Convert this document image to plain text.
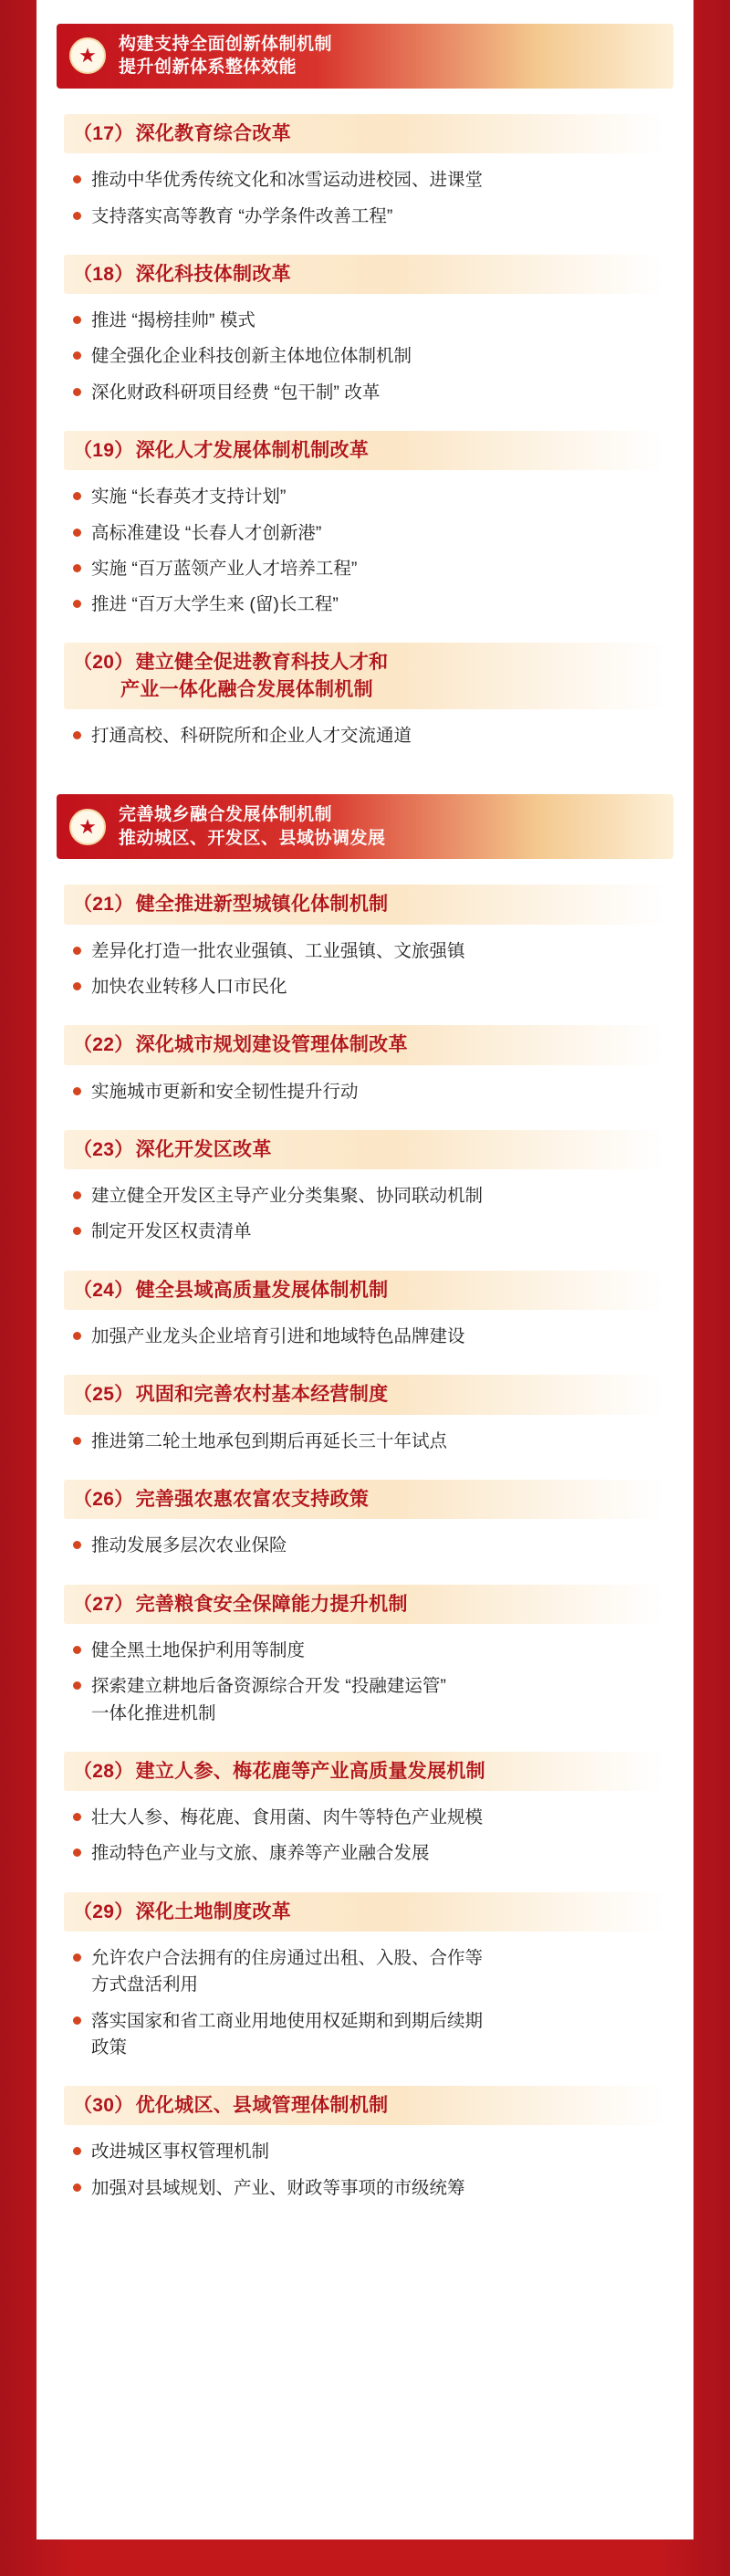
★	构建支持全面创新体制机制
提升创新体系整体效能
（17）深化教育综合改革
推动中华优秀传统文化和冰雪运动进校园、进课堂
支持落实高等教育 “办学条件改善工程”
（18）深化科技体制改革
推进 “揭榜挂帅” 模式
健全强化企业科技创新主体地位体制机制
深化财政科研项目经费 “包干制” 改革
（19）深化人才发展体制机制改革
实施 “长春英才支持计划”
高标准建设 “长春人才创新港”
实施 “百万蓝领产业人才培养工程”
推进 “百万大学生来 (留)长工程”
（20）建立健全促进教育科技人才和
产业一体化融合发展体制机制
打通高校、科研院所和企业人才交流通道
★	完善城乡融合发展体制机制
推动城区、开发区、县域协调发展
（21）健全推进新型城镇化体制机制
差异化打造一批农业强镇、工业强镇、文旅强镇
加快农业转移人口市民化
（22）深化城市规划建设管理体制改革
实施城市更新和安全韧性提升行动
（23）深化开发区改革
建立健全开发区主导产业分类集聚、协同联动机制
制定开发区权责清单
（24）健全县域高质量发展体制机制
加强产业龙头企业培育引进和地域特色品牌建设
（25）巩固和完善农村基本经营制度
推进第二轮土地承包到期后再延长三十年试点
（26）完善强农惠农富农支持政策
推动发展多层次农业保险
（27）完善粮食安全保障能力提升机制
健全黑土地保护利用等制度
探索建立耕地后备资源综合开发 “投融建运管”
一体化推进机制
（28）建立人参、梅花鹿等产业高质量发展机制
壮大人参、梅花鹿、食用菌、肉牛等特色产业规模
推动特色产业与文旅、康养等产业融合发展
（29）深化土地制度改革
允许农户合法拥有的住房通过出租、入股、合作等
方式盘活利用
落实国家和省工商业用地使用权延期和到期后续期
政策
（30）优化城区、县域管理体制机制
改进城区事权管理机制
加强对县域规划、产业、财政等事项的市级统筹
